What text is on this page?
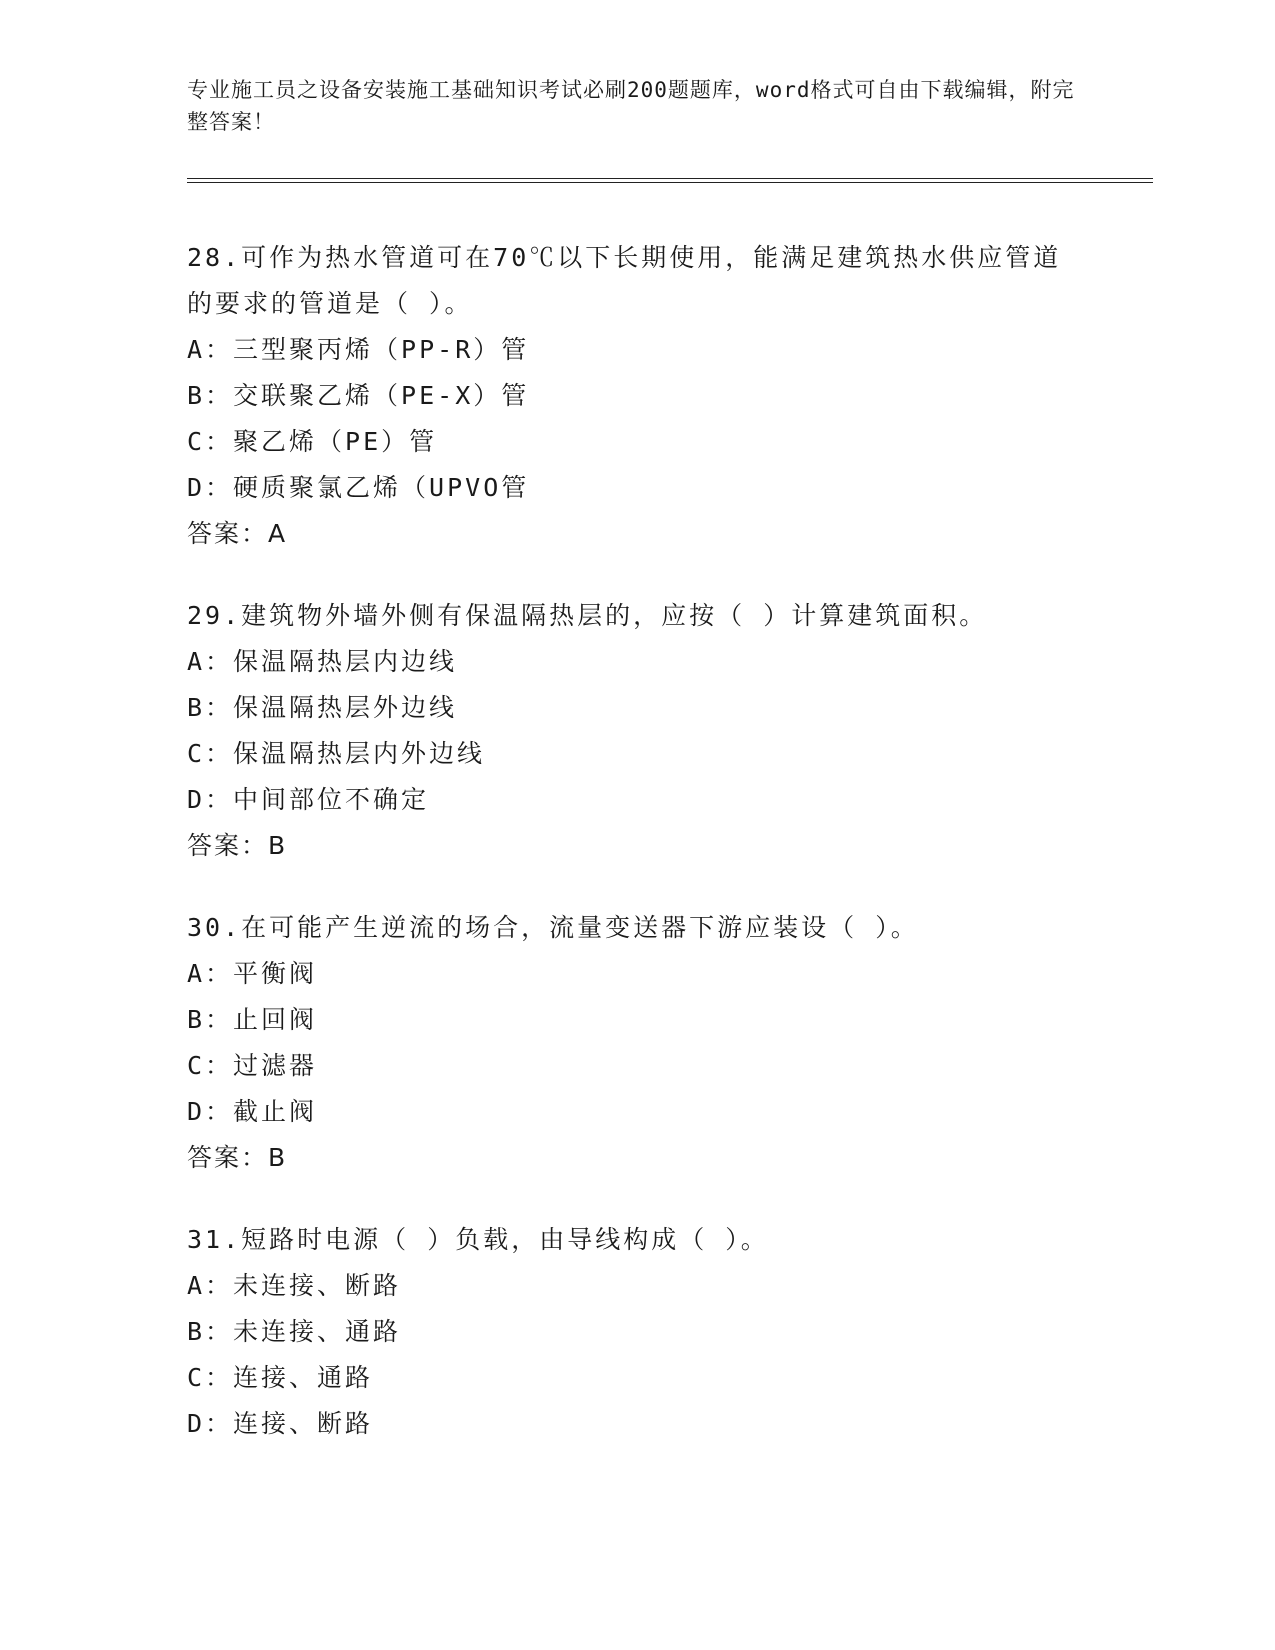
专业施工员之设备安装施工基础知识考试必刷200题题库，word格式可自由下载编辑，附完整答案！

28.可作为热水管道可在70℃以下长期使用，能满足建筑热水供应管道的要求的管道是（ ）。

A：三型聚丙烯（PP-R）管
B：交联聚乙烯（PE-X）管
C：聚乙烯（PE）管
D：硬质聚氯乙烯（UPVO管

答案：A

29.建筑物外墙外侧有保温隔热层的，应按（ ）计算建筑面积。

A：保温隔热层内边线
B：保温隔热层外边线
C：保温隔热层内外边线
D：中间部位不确定

答案：B

30.在可能产生逆流的场合，流量变送器下游应装设（ ）。

A：平衡阀
B：止回阀
C：过滤器
D：截止阀

答案：B

31.短路时电源（ ）负载，由导线构成（ ）。

A：未连接、断路
B：未连接、通路
C：连接、通路
D：连接、断路
